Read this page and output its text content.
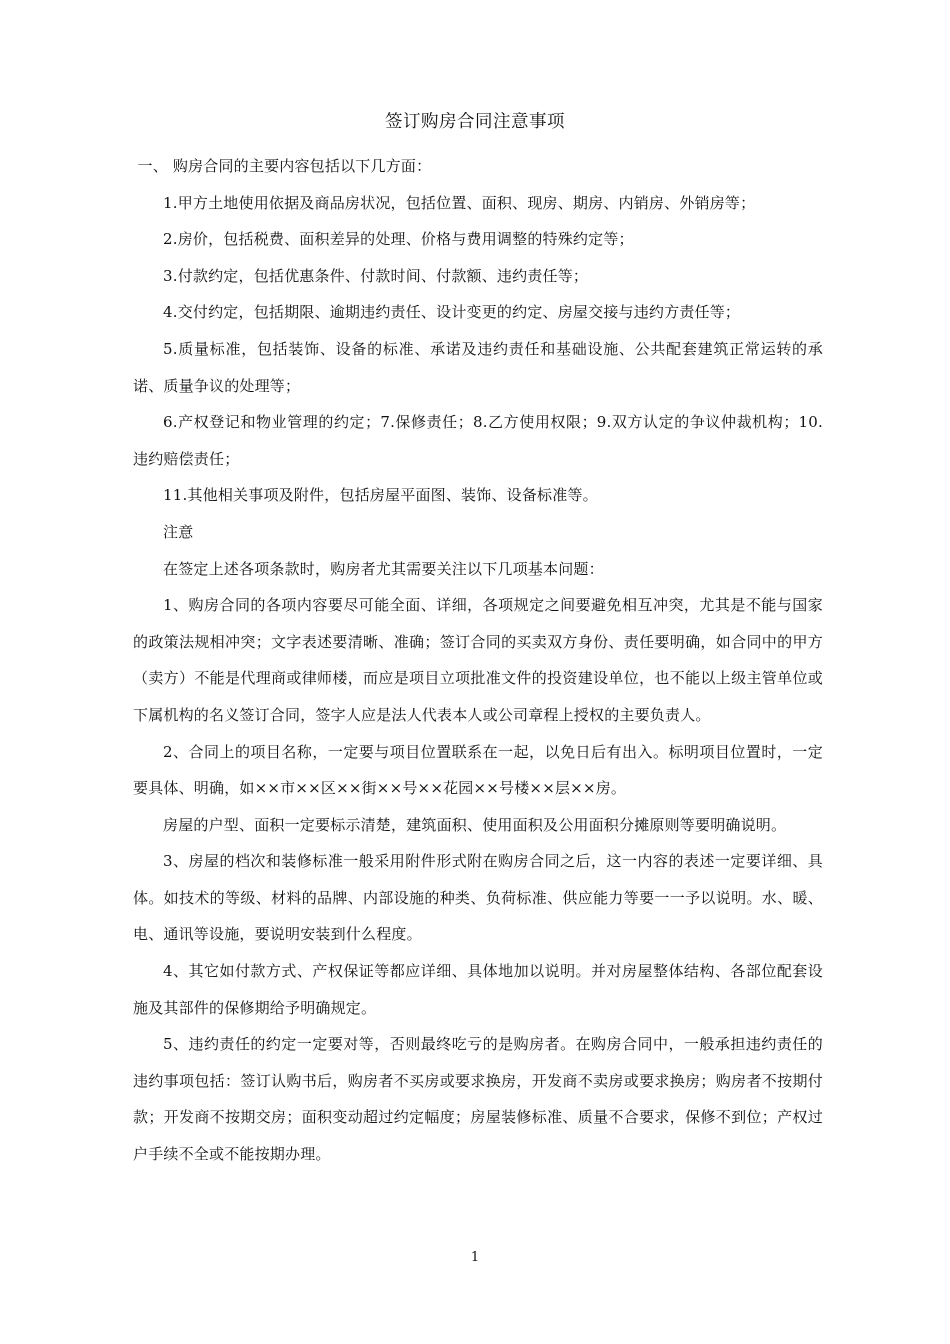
签订购房合同注意事项

一、 购房合同的主要内容包括以下几方面：

1.甲方土地使用依据及商品房状况，包括位置、面积、现房、期房、内销房、外销房等；

2.房价，包括税费、面积差异的处理、价格与费用调整的特殊约定等；

3.付款约定，包括优惠条件、付款时间、付款额、违约责任等；

4.交付约定，包括期限、逾期违约责任、设计变更的约定、房屋交接与违约方责任等；

5.质量标准，包括装饰、设备的标准、承诺及违约责任和基础设施、公共配套建筑正常运转的承诺、质量争议的处理等；

6.产权登记和物业管理的约定；7.保修责任；8.乙方使用权限；9.双方认定的争议仲裁机构；10.违约赔偿责任；

11.其他相关事项及附件，包括房屋平面图、装饰、设备标准等。

注意

在签定上述各项条款时，购房者尤其需要关注以下几项基本问题：

1、购房合同的各项内容要尽可能全面、详细，各项规定之间要避免相互冲突，尤其是不能与国家的政策法规相冲突；文字表述要清晰、准确；签订合同的买卖双方身份、责任要明确，如合同中的甲方（卖方）不能是代理商或律师楼，而应是项目立项批准文件的投资建设单位，也不能以上级主管单位或下属机构的名义签订合同，签字人应是法人代表本人或公司章程上授权的主要负责人。

2、合同上的项目名称，一定要与项目位置联系在一起，以免日后有出入。标明项目位置时，一定要具体、明确，如××市××区××街××号××花园××号楼××层××房。

房屋的户型、面积一定要标示清楚，建筑面积、使用面积及公用面积分摊原则等要明确说明。

3、房屋的档次和装修标准一般采用附件形式附在购房合同之后，这一内容的表述一定要详细、具体。如技术的等级、材料的品牌、内部设施的种类、负荷标准、供应能力等要一一予以说明。水、暖、电、通讯等设施，要说明安装到什么程度。

4、其它如付款方式、产权保证等都应详细、具体地加以说明。并对房屋整体结构、各部位配套设施及其部件的保修期给予明确规定。

5、违约责任的约定一定要对等，否则最终吃亏的是购房者。在购房合同中，一般承担违约责任的违约事项包括：签订认购书后，购房者不买房或要求换房，开发商不卖房或要求换房；购房者不按期付款；开发商不按期交房；面积变动超过约定幅度；房屋装修标准、质量不合要求，保修不到位；产权过户手续不全或不能按期办理。

1
